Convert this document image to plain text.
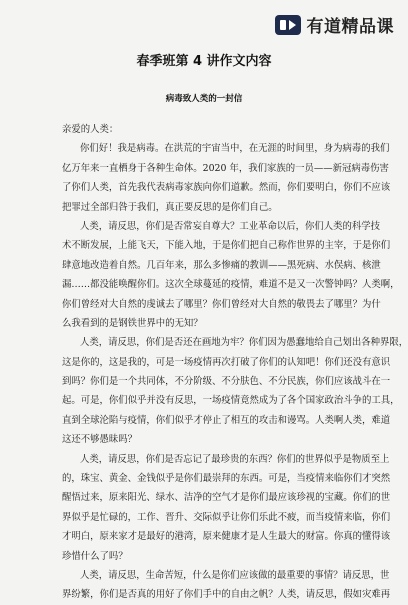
有道精品课
春季班第 4 讲作文内容
病毒致人类的一封信
亲爱的人类：
你们好！我是病毒。在洪荒的宇宙当中，在无涯的时间里，身为病毒的我们
亿万年来一直栖身于各种生命体。2020 年，我们家族的一员——新冠病毒伤害
了你们人类，首先我代表病毒家族向你们道歉。然而，你们要明白，你们不应该
把罪过全部归咎于我们，真正要反思的是你们自己。
人类，请反思，你们是否常妄自尊大？工业革命以后，你们人类的科学技
术不断发展，上能飞天，下能入地，于是你们把自己称作世界的主宰，于是你们
肆意地改造着自然。几百年来，那么多惨痛的教训——黑死病、水俣病、核泄
漏……都没能唤醒你们。这次全球蔓延的疫情，难道不是又一次警钟吗？人类啊，
你们曾经对大自然的虔诚去了哪里？你们曾经对大自然的敬畏去了哪里？为什
么我看到的是钢铁世界中的无知？
人类，请反思，你们是否还在画地为牢？你们因为愚蠢地给自己划出各种界限，
这是你的，这是我的，可是一场疫情再次打破了你们的认知吧！你们还没有意识
到吗？你们是一个共同体，不分阶级、不分肤色、不分民族，你们应该战斗在一
起。可是，你们似乎并没有反思，一场疫情竟然成为了各个国家政治斗争的工具，
直到全球沦陷与疫情，你们似乎才停止了相互的攻击和谩骂。人类啊人类，难道
这还不够愚昧吗？
人类，请反思，你们是否忘记了最珍贵的东西？你们的世界似乎是物质至上
的，珠宝、黄金、金钱似乎是你们最崇拜的东西。可是，当疫情来临你们才突然
醒悟过来，原来阳光、绿水、洁净的空气才是你们最应该珍视的宝藏。你们的世
界似乎是忙碌的，工作、晋升、交际似乎让你们乐此不疲，而当疫情来临，你们
才明白，原来家才是最好的港湾，原来健康才是人生最大的财富。你真的懂得该
珍惜什么了吗？
人类，请反思，生命苦短，什么是你们应该做的最重要的事情？请反思，世
界纷繁，你们是否真的用好了你们手中的自由之帆？人类，请反思，假如灾难再
